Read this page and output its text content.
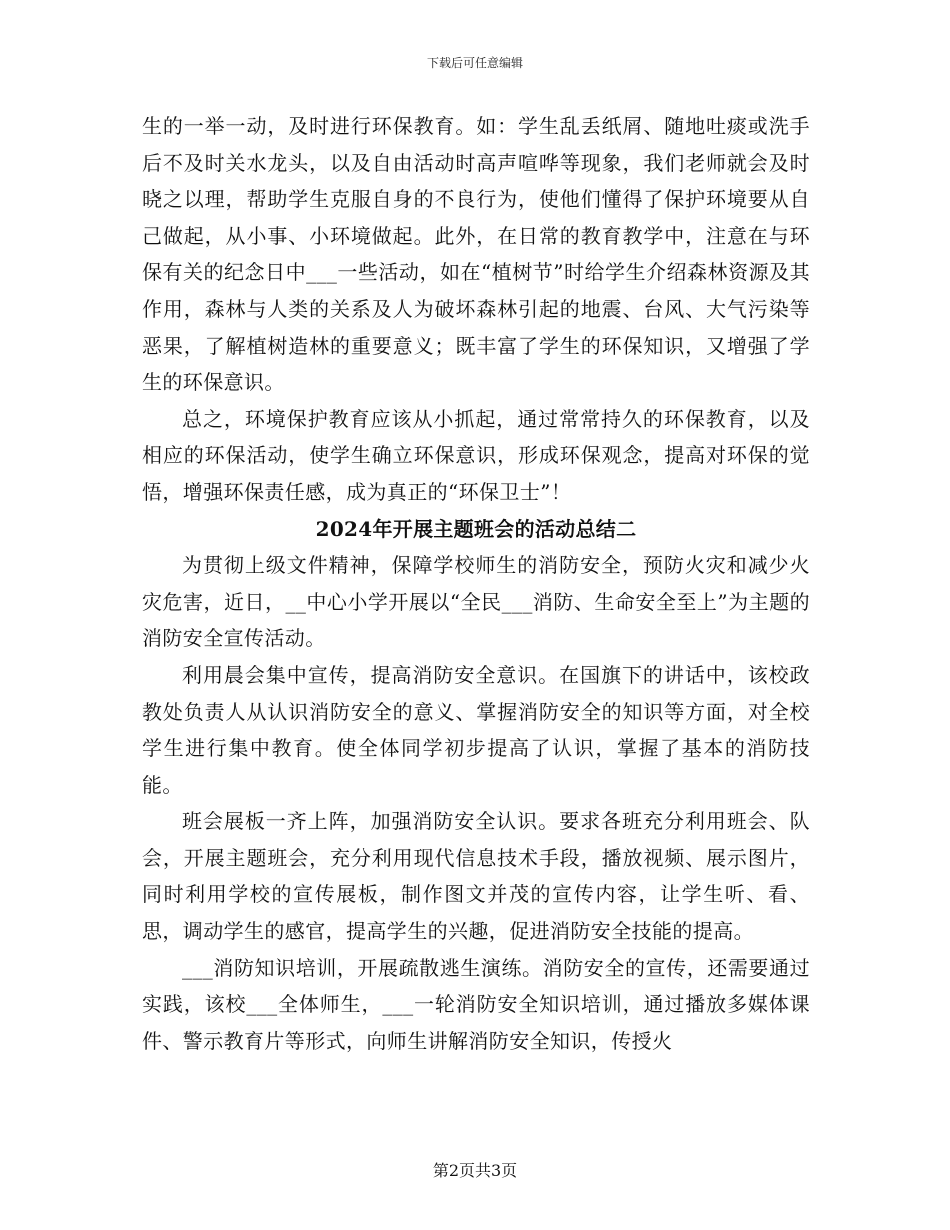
下载后可任意编辑

生的一举一动，及时进行环保教育。如：学生乱丢纸屑、随地吐痰或洗手后不及时关水龙头，以及自由活动时高声喧哗等现象，我们老师就会及时晓之以理，帮助学生克服自身的不良行为，使他们懂得了保护环境要从自己做起，从小事、小环境做起。此外，在日常的教育教学中，注意在与环保有关的纪念日中___一些活动，如在“植树节”时给学生介绍森林资源及其作用，森林与人类的关系及人为破坏森林引起的地震、台风、大气污染等恶果，了解植树造林的重要意义；既丰富了学生的环保知识，又增强了学生的环保意识。

总之，环境保护教育应该从小抓起，通过常常持久的环保教育，以及相应的环保活动，使学生确立环保意识，形成环保观念，提高对环保的觉悟，增强环保责任感，成为真正的“环保卫士”！

2024年开展主题班会的活动总结二

为贯彻上级文件精神，保障学校师生的消防安全，预防火灾和减少火灾危害，近日，__中心小学开展以“全民___消防、生命安全至上”为主题的消防安全宣传活动。

利用晨会集中宣传，提高消防安全意识。在国旗下的讲话中，该校政教处负责人从认识消防安全的意义、掌握消防安全的知识等方面，对全校学生进行集中教育。使全体同学初步提高了认识，掌握了基本的消防技能。

班会展板一齐上阵，加强消防安全认识。要求各班充分利用班会、队会，开展主题班会，充分利用现代信息技术手段，播放视频、展示图片，同时利用学校的宣传展板，制作图文并茂的宣传内容，让学生听、看、思，调动学生的感官，提高学生的兴趣，促进消防安全技能的提高。

___消防知识培训，开展疏散逃生演练。消防安全的宣传，还需要通过实践，该校___全体师生，___一轮消防安全知识培训，通过播放多媒体课件、警示教育片等形式，向师生讲解消防安全知识，传授火

第2页共3页
